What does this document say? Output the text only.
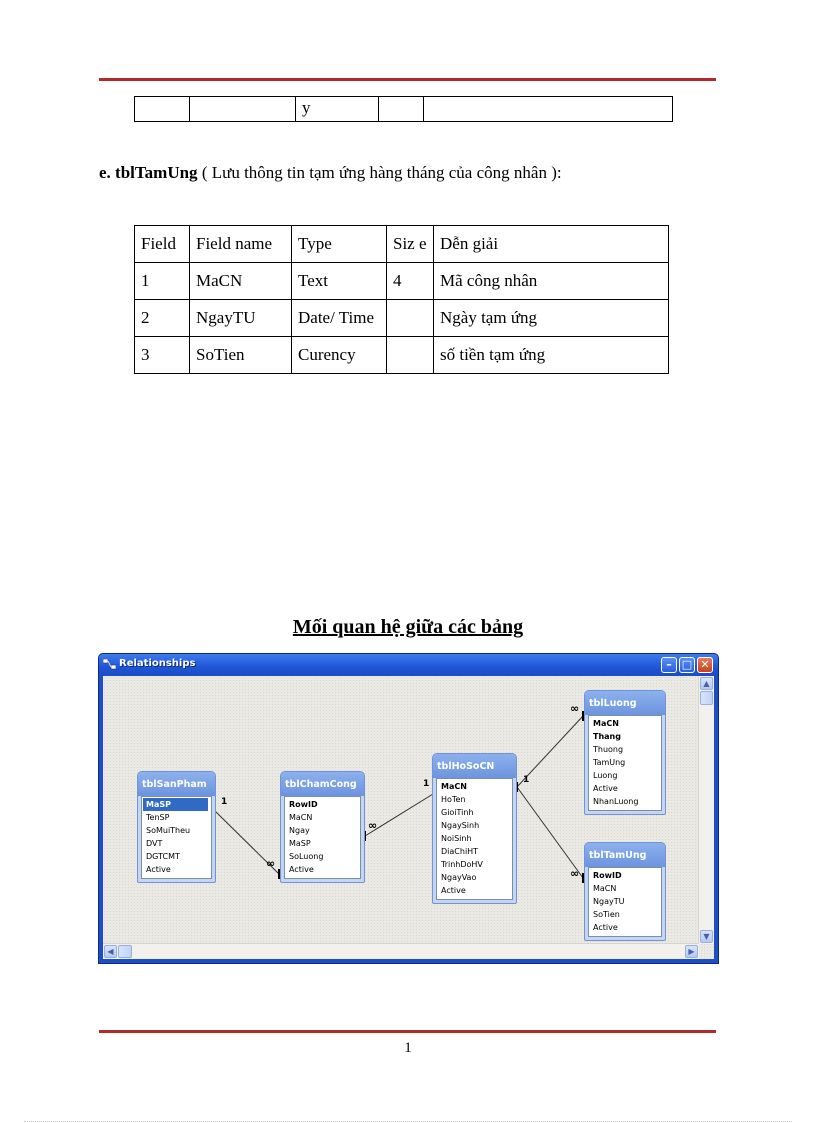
		y		
e. tblTamUng ( Lưu thông tin tạm ứng hàng tháng của công nhân ):
Field	Field name	Type	Siz e	Dễn giải
1	MaCN	Text	4	Mã công nhân
2	NgayTU	Date/ Time		Ngày tạm ứng
3	SoTien	Curency		số tiền tạm ứng
Mối quan hệ giữa các bảng
Relationships	– □ ✕
1
∞
∞
1	1
∞
∞
tblSanPham
MaSP
TenSP
SoMuiTheu
DVT
DGTCMT
Active
tblChamCong
RowID
MaCN
Ngay
MaSP
SoLuong
Active
tblHoSoCN
MaCN
HoTen
GioiTinh
NgaySinh
NoiSinh
DiaChiHT
TrinhDoHV
NgayVao
Active
tblLuong
MaCN
Thang
Thuong
TamUng
Luong
Active
NhanLuong
tblTamUng
RowID
MaCN
NgayTU
SoTien
Active
▲
▼
◀	▶
1
